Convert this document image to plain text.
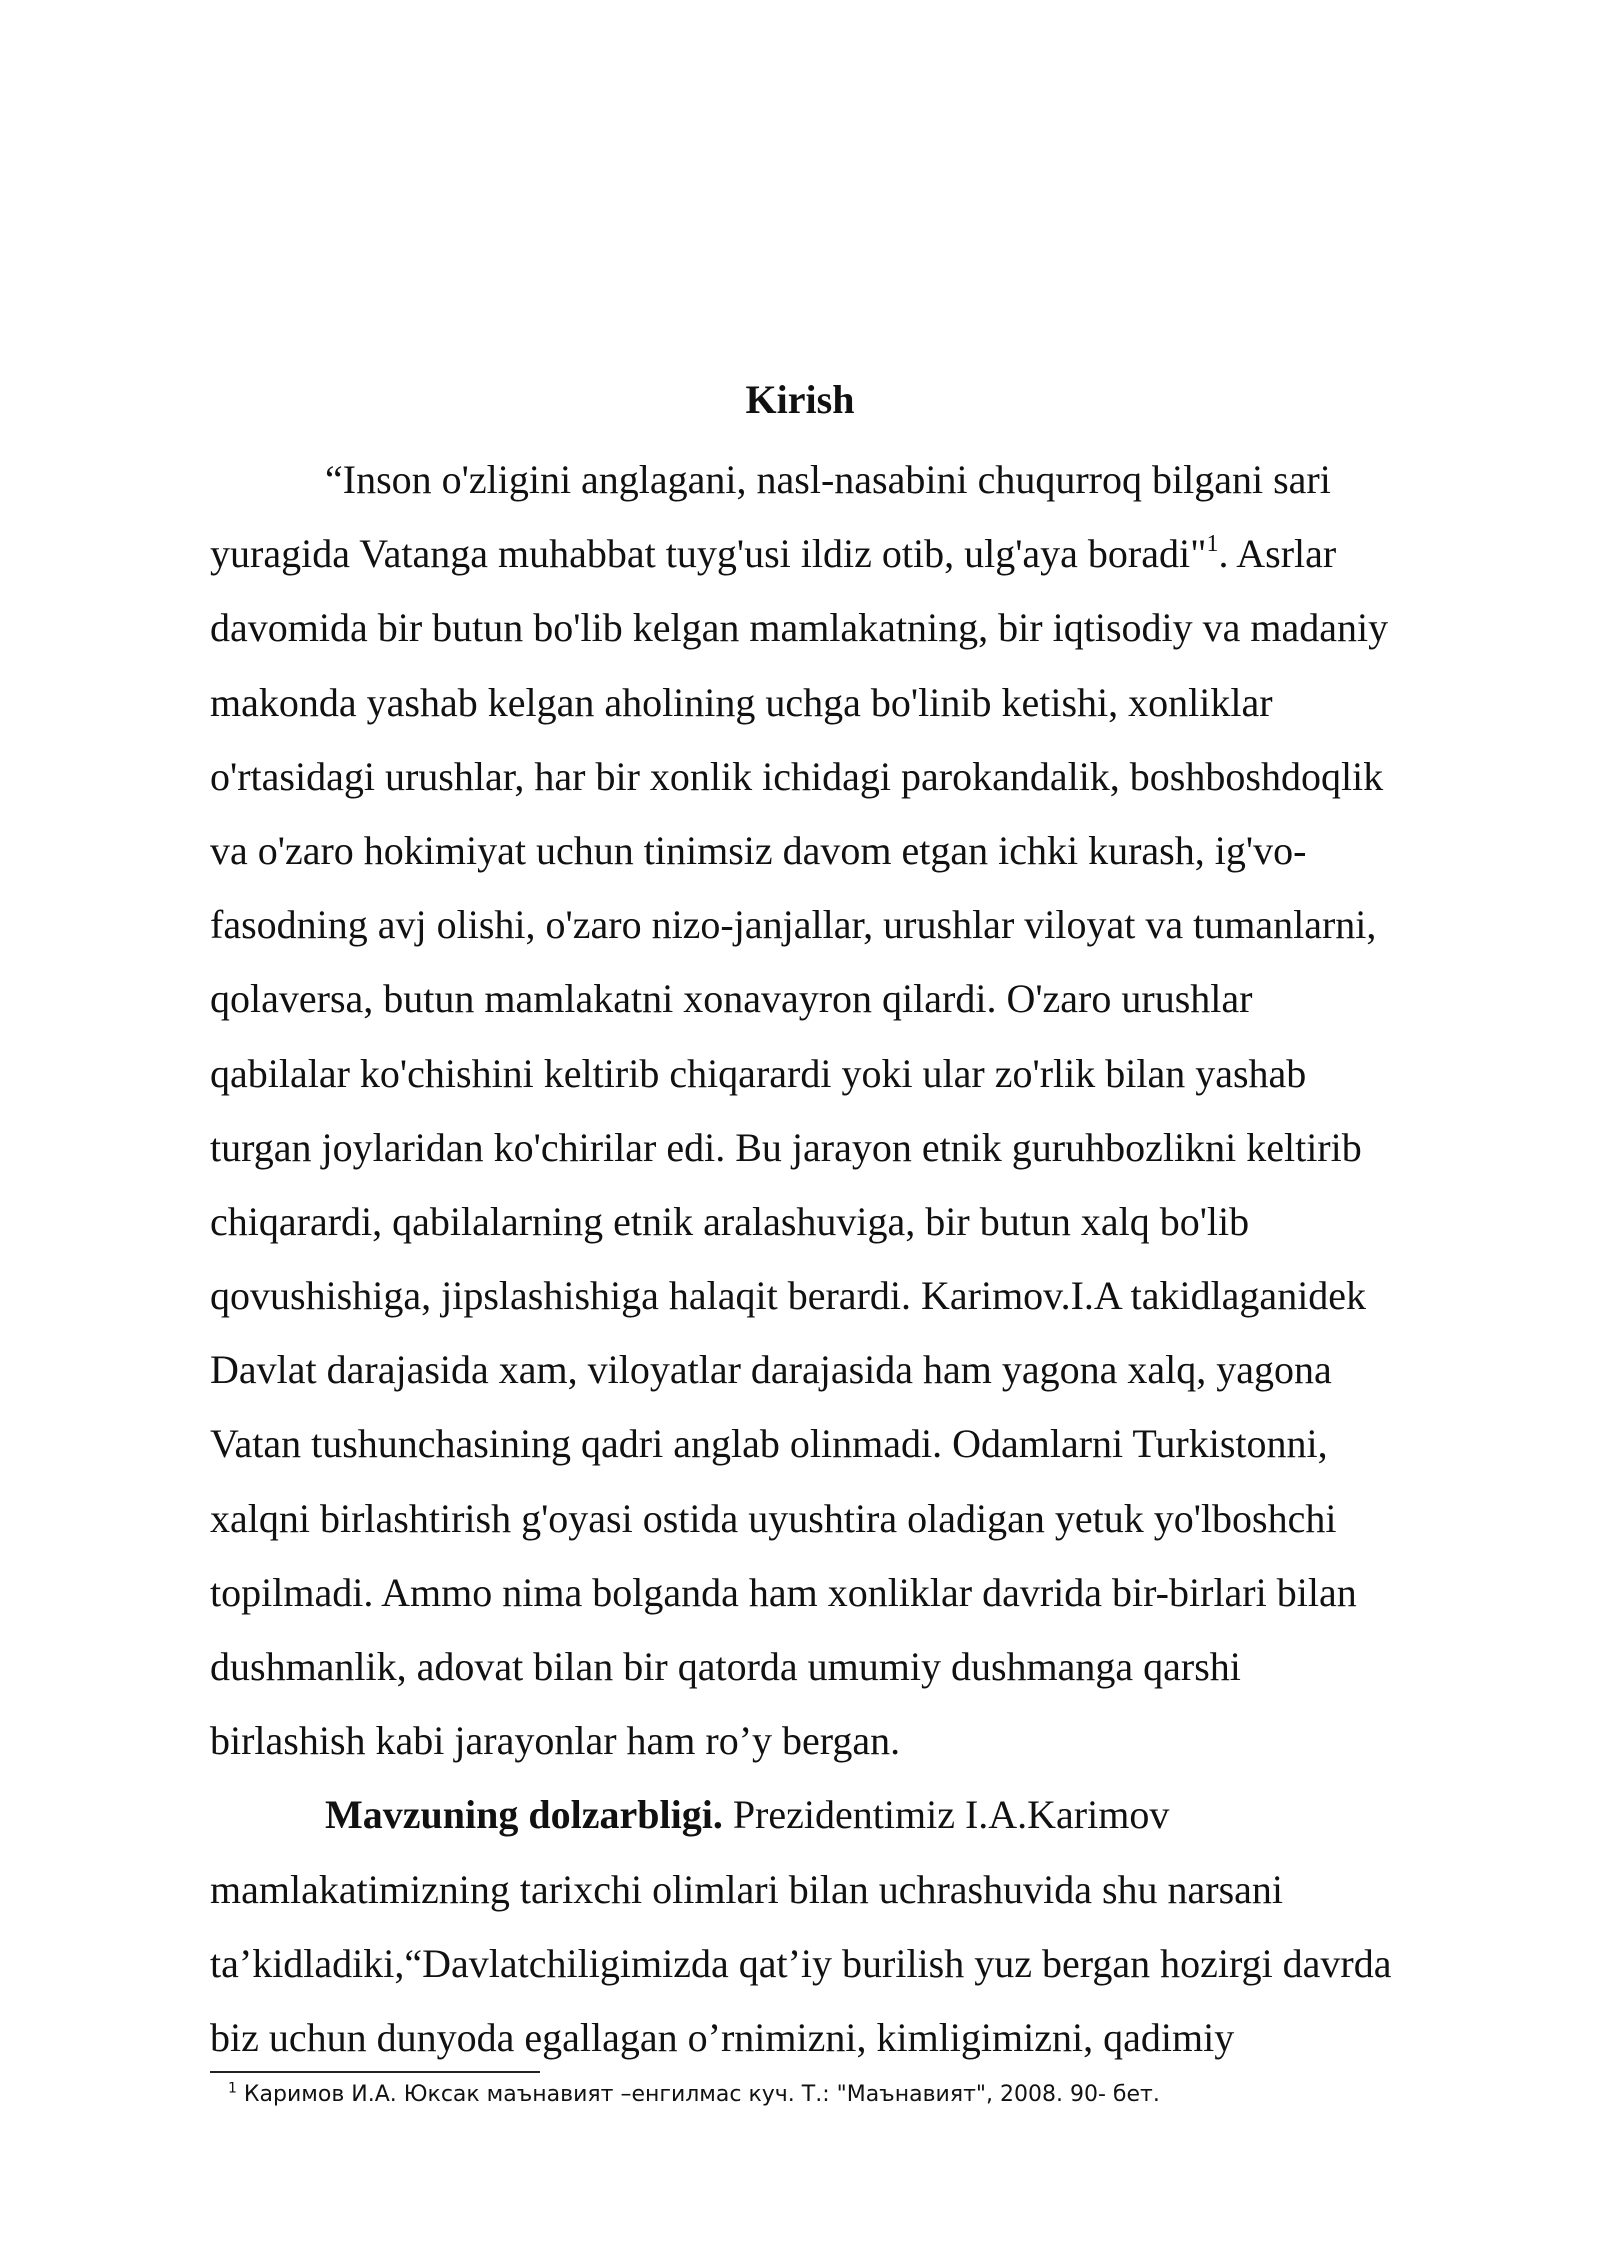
Kirish
“Inson o'zligini anglagani, nasl-nasabini chuqurroq bilgani sari
yuragida Vatanga muhabbat tuyg'usi ildiz otib, ulg'aya boradi"$^1$. Asrlar
davomida bir butun bo'lib kelgan mamlakatning, bir iqtisodiy va madaniy
makonda yashab kelgan aholining uchga bo'linib ketishi, xonliklar
o'rtasidagi urushlar, har bir xonlik ichidagi parokandalik, boshboshdoqlik
va o'zaro hokimiyat uchun tinimsiz davom etgan ichki kurash, ig'vo-
fasodning avj olishi, o'zaro nizo-janjallar, urushlar viloyat va tumanlarni,
qolaversa, butun mamlakatni xonavayron qilardi. O'zaro urushlar
qabilalar ko'chishini keltirib chiqarardi yoki ular zo'rlik bilan yashab
turgan joylaridan ko'chirilar edi. Bu jarayon etnik guruhbozlikni keltirib
chiqarardi, qabilalarning etnik aralashuviga, bir butun xalq bo'lib
qovushishiga, jipslashishiga halaqit berardi. Karimov.I.A takidlaganidek
Davlat darajasida xam, viloyatlar darajasida ham yagona xalq, yagona
Vatan tushunchasining qadri anglab olinmadi. Odamlarni Turkistonni,
xalqni birlashtirish g'oyasi ostida uyushtira oladigan yetuk yo'lboshchi
topilmadi. Ammo nima bolganda ham xonliklar davrida bir-birlari bilan
dushmanlik, adovat bilan bir qatorda umumiy dushmanga qarshi
birlashish kabi jarayonlar ham ro’y bergan.
Mavzuning dolzarbligi. Prezidentimiz I.A.Karimov
mamlakatimizning tarixchi olimlari bilan uchrashuvida shu narsani
ta’kidladiki,“Davlatchiligimizda qat’iy burilish yuz bergan hozirgi davrda
biz uchun dunyoda egallagan o’rnimizni, kimligimizni, qadimiy
$^1$ Каримов И.А. Юксак маънавият –енгилмас куч. Т.: "Маънавият", 2008. 90- бет.
